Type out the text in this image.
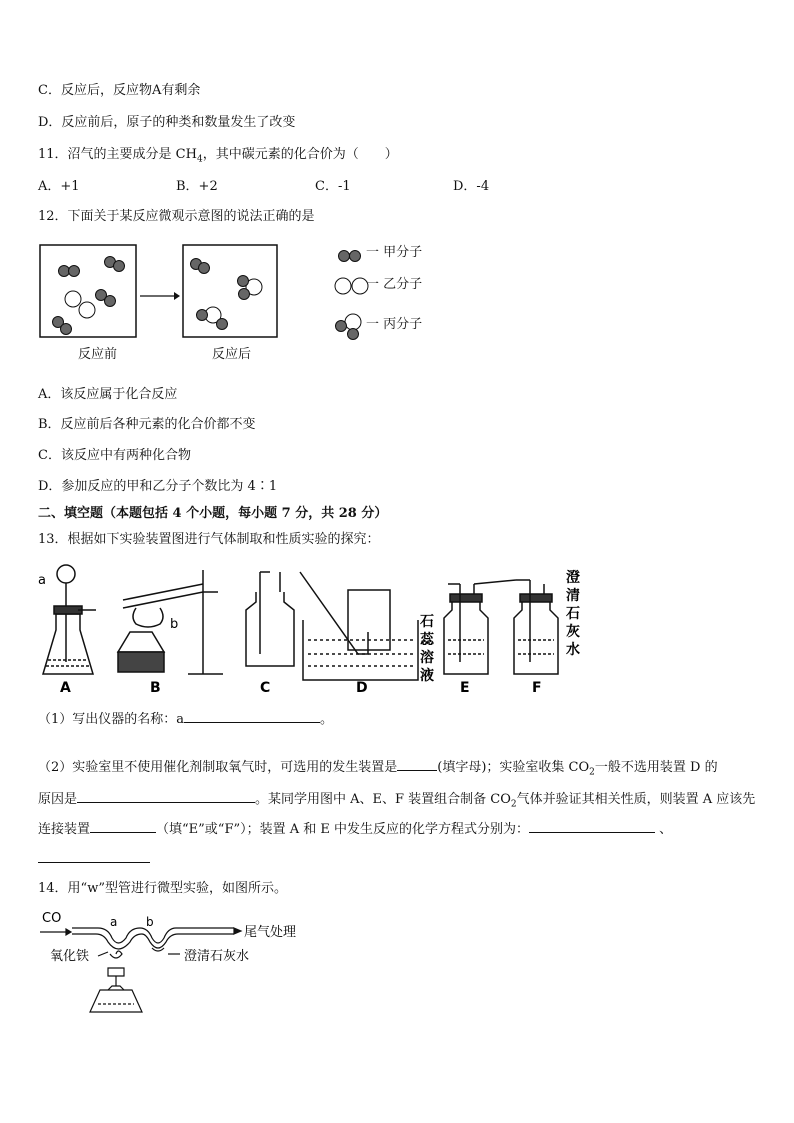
C．反应后，反应物A有剩余
D．反应前后，原子的种类和数量发生了改变
11．沼气的主要成分是 $CH_4$，其中碳元素的化合价为（　　）
A．+1	B．+2	C．-1	D．-4
12．下面关于某反应微观示意图的说法正确的是
一 甲分子
一 乙分子
一 丙分子
反应前	反应后
A．该反应属于化合反应
B．反应前后各种元素的化合价都不变
C．该反应中有两种化合物
D．参加反应的甲和乙分子个数比为 4∶1
二、填空题（本题包括 4 个小题，每小题 7 分，共 28 分）
13．根据如下实验装置图进行气体制取和性质实验的探究：
a
b
A	B	C	D	E	F
石
蕊
溶
液
澄
清
石
灰
水
（1）写出仪器的名称：a	。
（2）实验室里不使用催化剂制取氧气时，可选用的发生装置是	(填字母)；实验室收集 $CO_2$一般不选用装置 D 的
原因是	。某同学用图中 A、E、F 装置组合制备 $CO_2$气体并验证其相关性质，则装置 A 应该先
连接装置	（填“E”或“F”）；装置 A 和 E 中发生反应的化学方程式分别为：	、
14．用“w”型管进行微型实验，如图所示。
CO	a b
尾气处理
氧化铁	澄清石灰水
